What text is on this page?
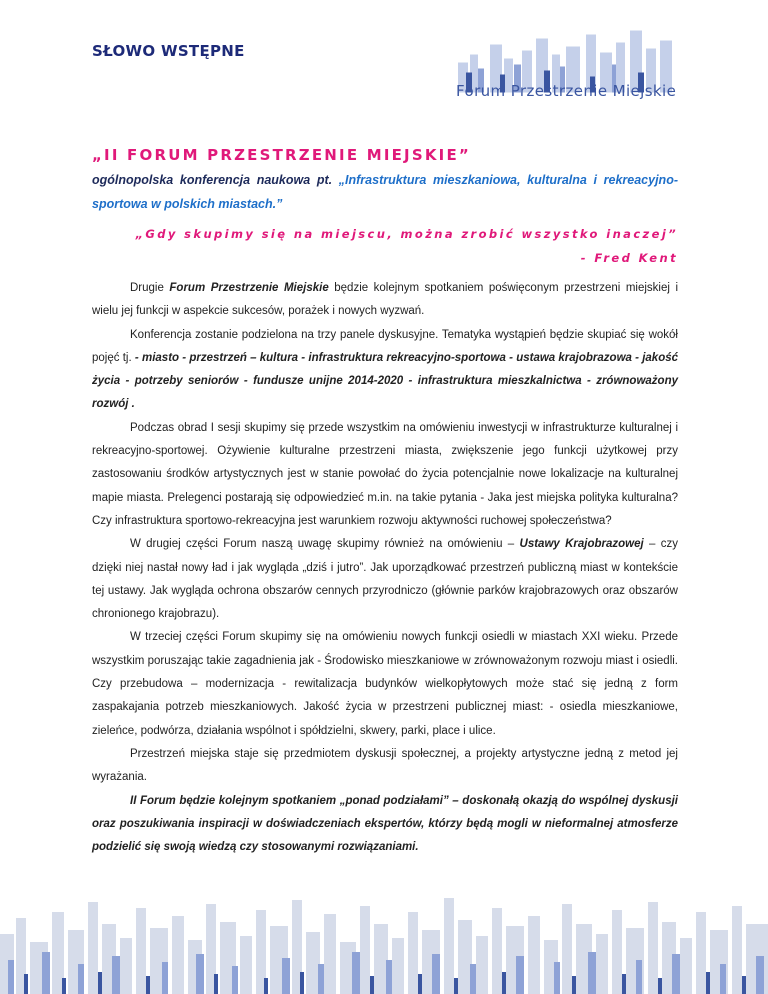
SŁOWO WSTĘPNE
Forum Przestrzenie Miejskie
„II FORUM PRZESTRZENIE MIEJSKIE”
ogólnopolska konferencja naukowa pt. „Infrastruktura mieszkaniowa, kulturalna i rekreacyjno-sportowa w polskich miastach.”
„Gdy skupimy się na miejscu, można zrobić wszystko inaczej”
- Fred Kent

Drugie Forum Przestrzenie Miejskie będzie kolejnym spotkaniem poświęconym przestrzeni miejskiej i wielu jej funkcji w aspekcie sukcesów, porażek i nowych wyzwań.

Konferencja zostanie podzielona na trzy panele dyskusyjne. Tematyka wystąpień będzie skupiać się wokół pojęć tj. - miasto - przestrzeń – kultura - infrastruktura rekreacyjno-sportowa - ustawa krajobrazowa - jakość życia - potrzeby seniorów - fundusze unijne 2014-2020 - infrastruktura mieszkalnictwa - zrównoważony rozwój .

Podczas obrad I sesji skupimy się przede wszystkim na omówieniu inwestycji w infrastrukturze kulturalnej i rekreacyjno-sportowej. Ożywienie kulturalne przestrzeni miasta, zwiększenie jego funkcji użytkowej przy zastosowaniu środków artystycznych jest w stanie powołać do życia potencjalnie nowe lokalizacje na kulturalnej mapie miasta. Prelegenci postarają się odpowiedzieć m.in. na takie pytania - Jaka jest miejska polityka kulturalna? Czy infrastruktura sportowo-rekreacyjna jest warunkiem rozwoju aktywności ruchowej społeczeństwa?

W drugiej części Forum naszą uwagę skupimy również na omówieniu – Ustawy Krajobrazowej – czy dzięki niej nastał nowy ład i jak wygląda „dziś i jutro”. Jak uporządkować przestrzeń publiczną miast w kontekście tej ustawy. Jak wygląda ochrona obszarów cennych przyrodniczo (głównie parków krajobrazowych oraz obszarów chronionego krajobrazu).

W trzeciej części Forum skupimy się na omówieniu nowych funkcji osiedli w miastach XXI wieku. Przede wszystkim poruszając takie zagadnienia jak - Środowisko mieszkaniowe w zrównoważonym rozwoju miast i osiedli. Czy przebudowa – modernizacja - rewitalizacja budynków wielkopłytowych może stać się jedną z form zaspakajania potrzeb mieszkaniowych. Jakość życia w przestrzeni publicznej miast: - osiedla mieszkaniowe, zieleńce, podwórza, działania wspólnot i spółdzielni, skwery, parki, place i ulice.

Przestrzeń miejska staje się przedmiotem dyskusji społecznej, a projekty artystyczne jedną z metod jej wyrażania.

II Forum będzie kolejnym spotkaniem „ponad podziałami” – doskonałą okazją do wspólnej dyskusji oraz poszukiwania inspiracji w doświadczeniach ekspertów, którzy będą mogli w nieformalnej atmosferze podzielić się swoją wiedzą czy stosowanymi rozwiązaniami.
